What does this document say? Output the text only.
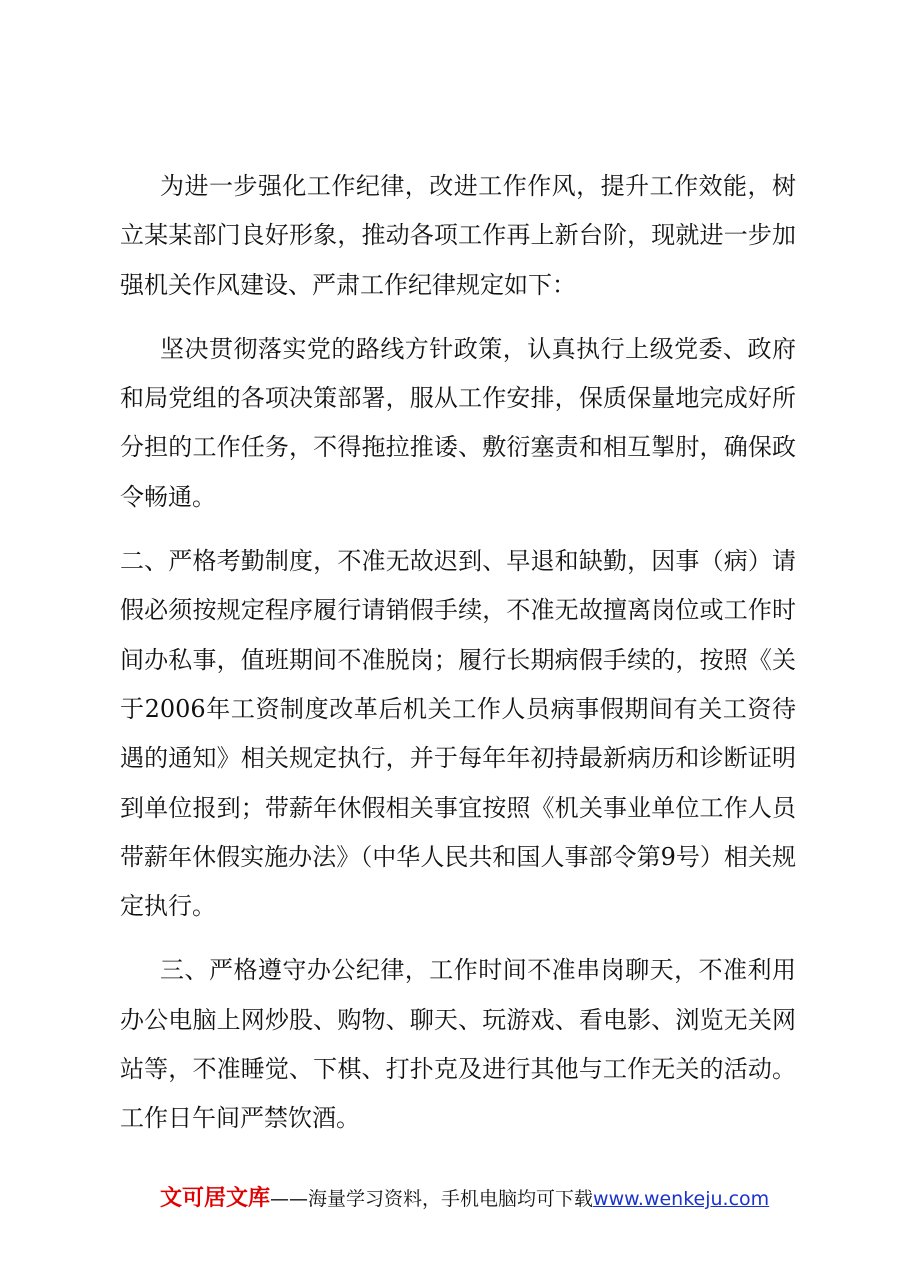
为进一步强化工作纪律，改进工作作风，提升工作效能，树立某某部门良好形象，推动各项工作再上新台阶，现就进一步加强机关作风建设、严肃工作纪律规定如下：

坚决贯彻落实党的路线方针政策，认真执行上级党委、政府和局党组的各项决策部署，服从工作安排，保质保量地完成好所分担的工作任务，不得拖拉推诿、敷衍塞责和相互掣肘，确保政令畅通。

二、严格考勤制度，不准无故迟到、早退和缺勤，因事（病）请假必须按规定程序履行请销假手续，不准无故擅离岗位或工作时间办私事，值班期间不准脱岗；履行长期病假手续的，按照《关于2006年工资制度改革后机关工作人员病事假期间有关工资待遇的通知》相关规定执行，并于每年年初持最新病历和诊断证明到单位报到；带薪年休假相关事宜按照《机关事业单位工作人员带薪年休假实施办法》（中华人民共和国人事部令第9号）相关规定执行。

三、严格遵守办公纪律，工作时间不准串岗聊天，不准利用办公电脑上网炒股、购物、聊天、玩游戏、看电影、浏览无关网站等，不准睡觉、下棋、打扑克及进行其他与工作无关的活动。工作日午间严禁饮酒。

文可居文库——海量学习资料，手机电脑均可下载www.wenkeju.com
